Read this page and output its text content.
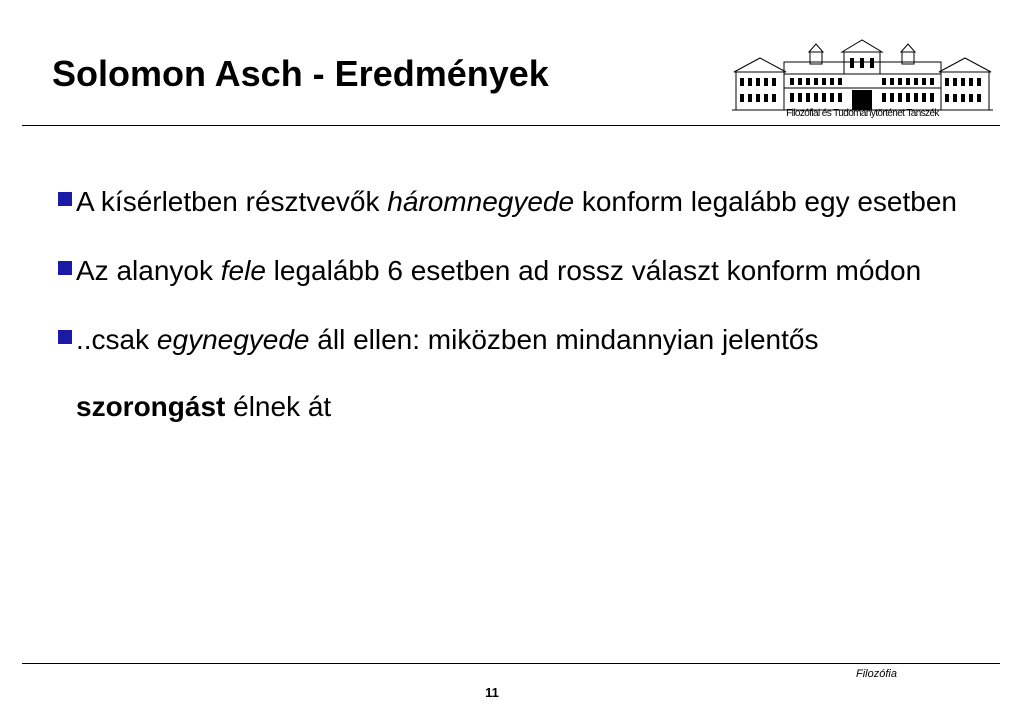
Solomon Asch - Eredmények
Filozófiai és Tudománytörténet Tanszék
A kísérletben résztvevők háromnegyede konform legalább egy esetben
Az alanyok fele legalább 6 esetben ad rossz választ konform módon
..csak egynegyede áll ellen: miközben mindannyian jelentős szorongást élnek át
Filozófia
11
